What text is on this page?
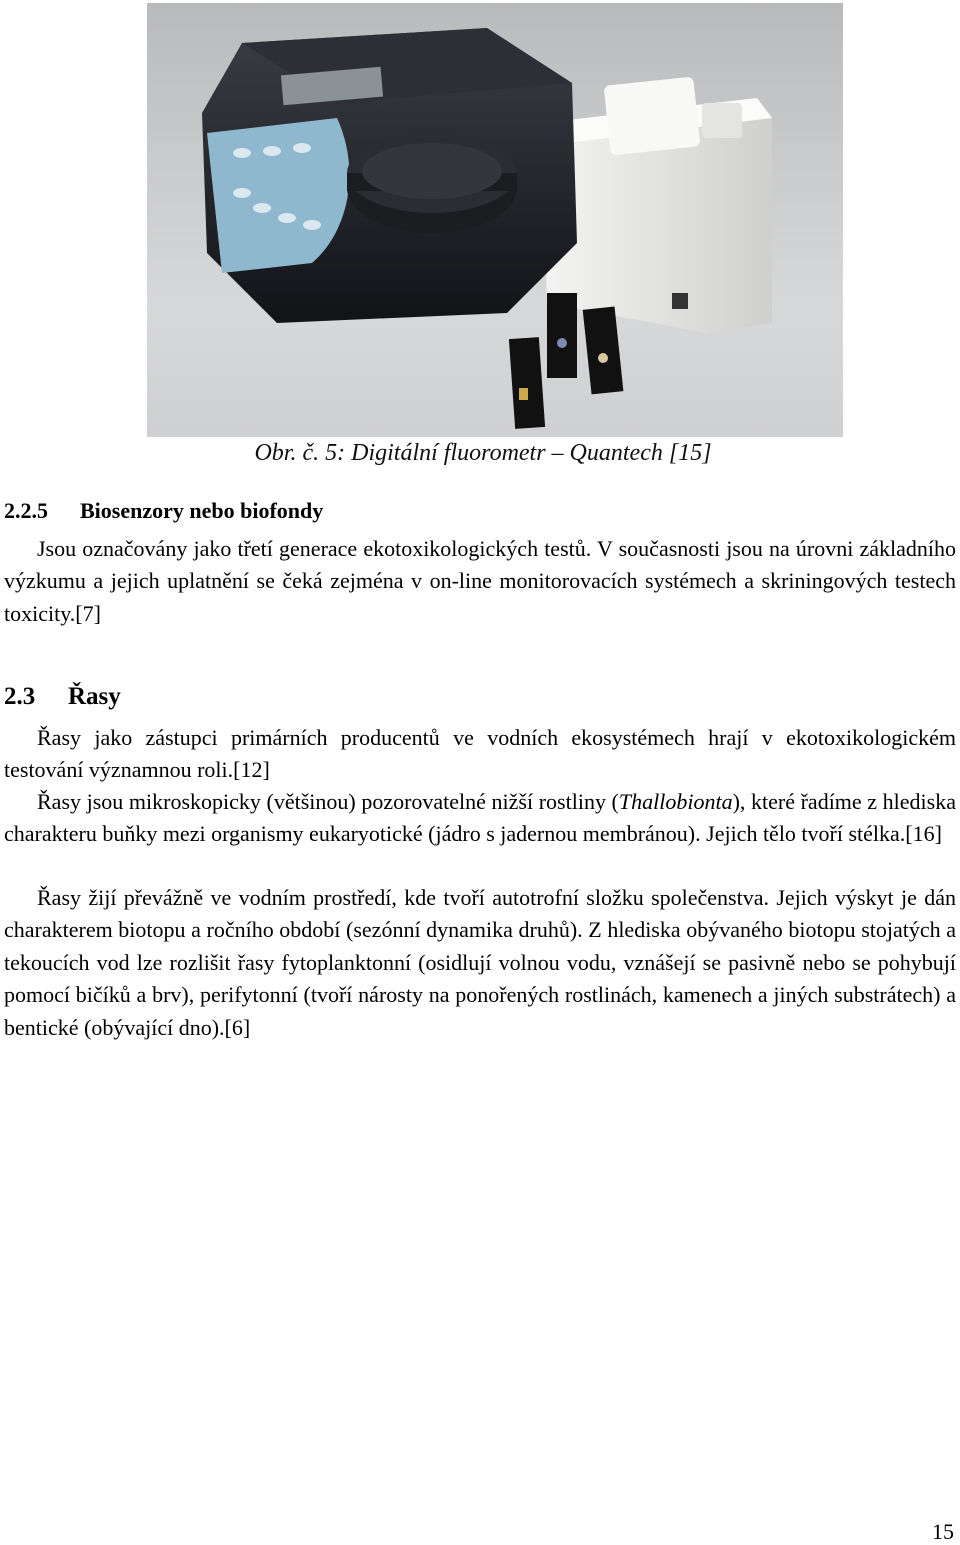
Obr. č. 5: Digitální fluorometr – Quantech [15]
2.2.5 Biosenzory nebo biofondy

Jsou označovány jako třetí generace ekotoxikologických testů. V současnosti jsou na úrovni základního výzkumu a jejich uplatnění se čeká zejména v on-line monitorovacích systémech a skriningových testech toxicity.[7]

2.3 Řasy

Řasy jako zástupci primárních producentů ve vodních ekosystémech hrají v ekotoxikologickém testování významnou roli.[12]

Řasy jsou mikroskopicky (většinou) pozorovatelné nižší rostliny (Thallobionta), které řadíme z hlediska charakteru buňky mezi organismy eukaryotické (jádro s jadernou membránou). Jejich tělo tvoří stélka.[16]

Řasy žijí převážně ve vodním prostředí, kde tvoří autotrofní složku společenstva. Jejich výskyt je dán charakterem biotopu a ročního období (sezónní dynamika druhů). Z hlediska obývaného biotopu stojatých a tekoucích vod lze rozlišit řasy fytoplanktonní (osidlují volnou vodu, vznášejí se pasivně nebo se pohybují pomocí bičíků a brv), perifytonní (tvoří nárosty na ponořených rostlinách, kamenech a jiných substrátech) a bentické (obývající dno).[6]

15
